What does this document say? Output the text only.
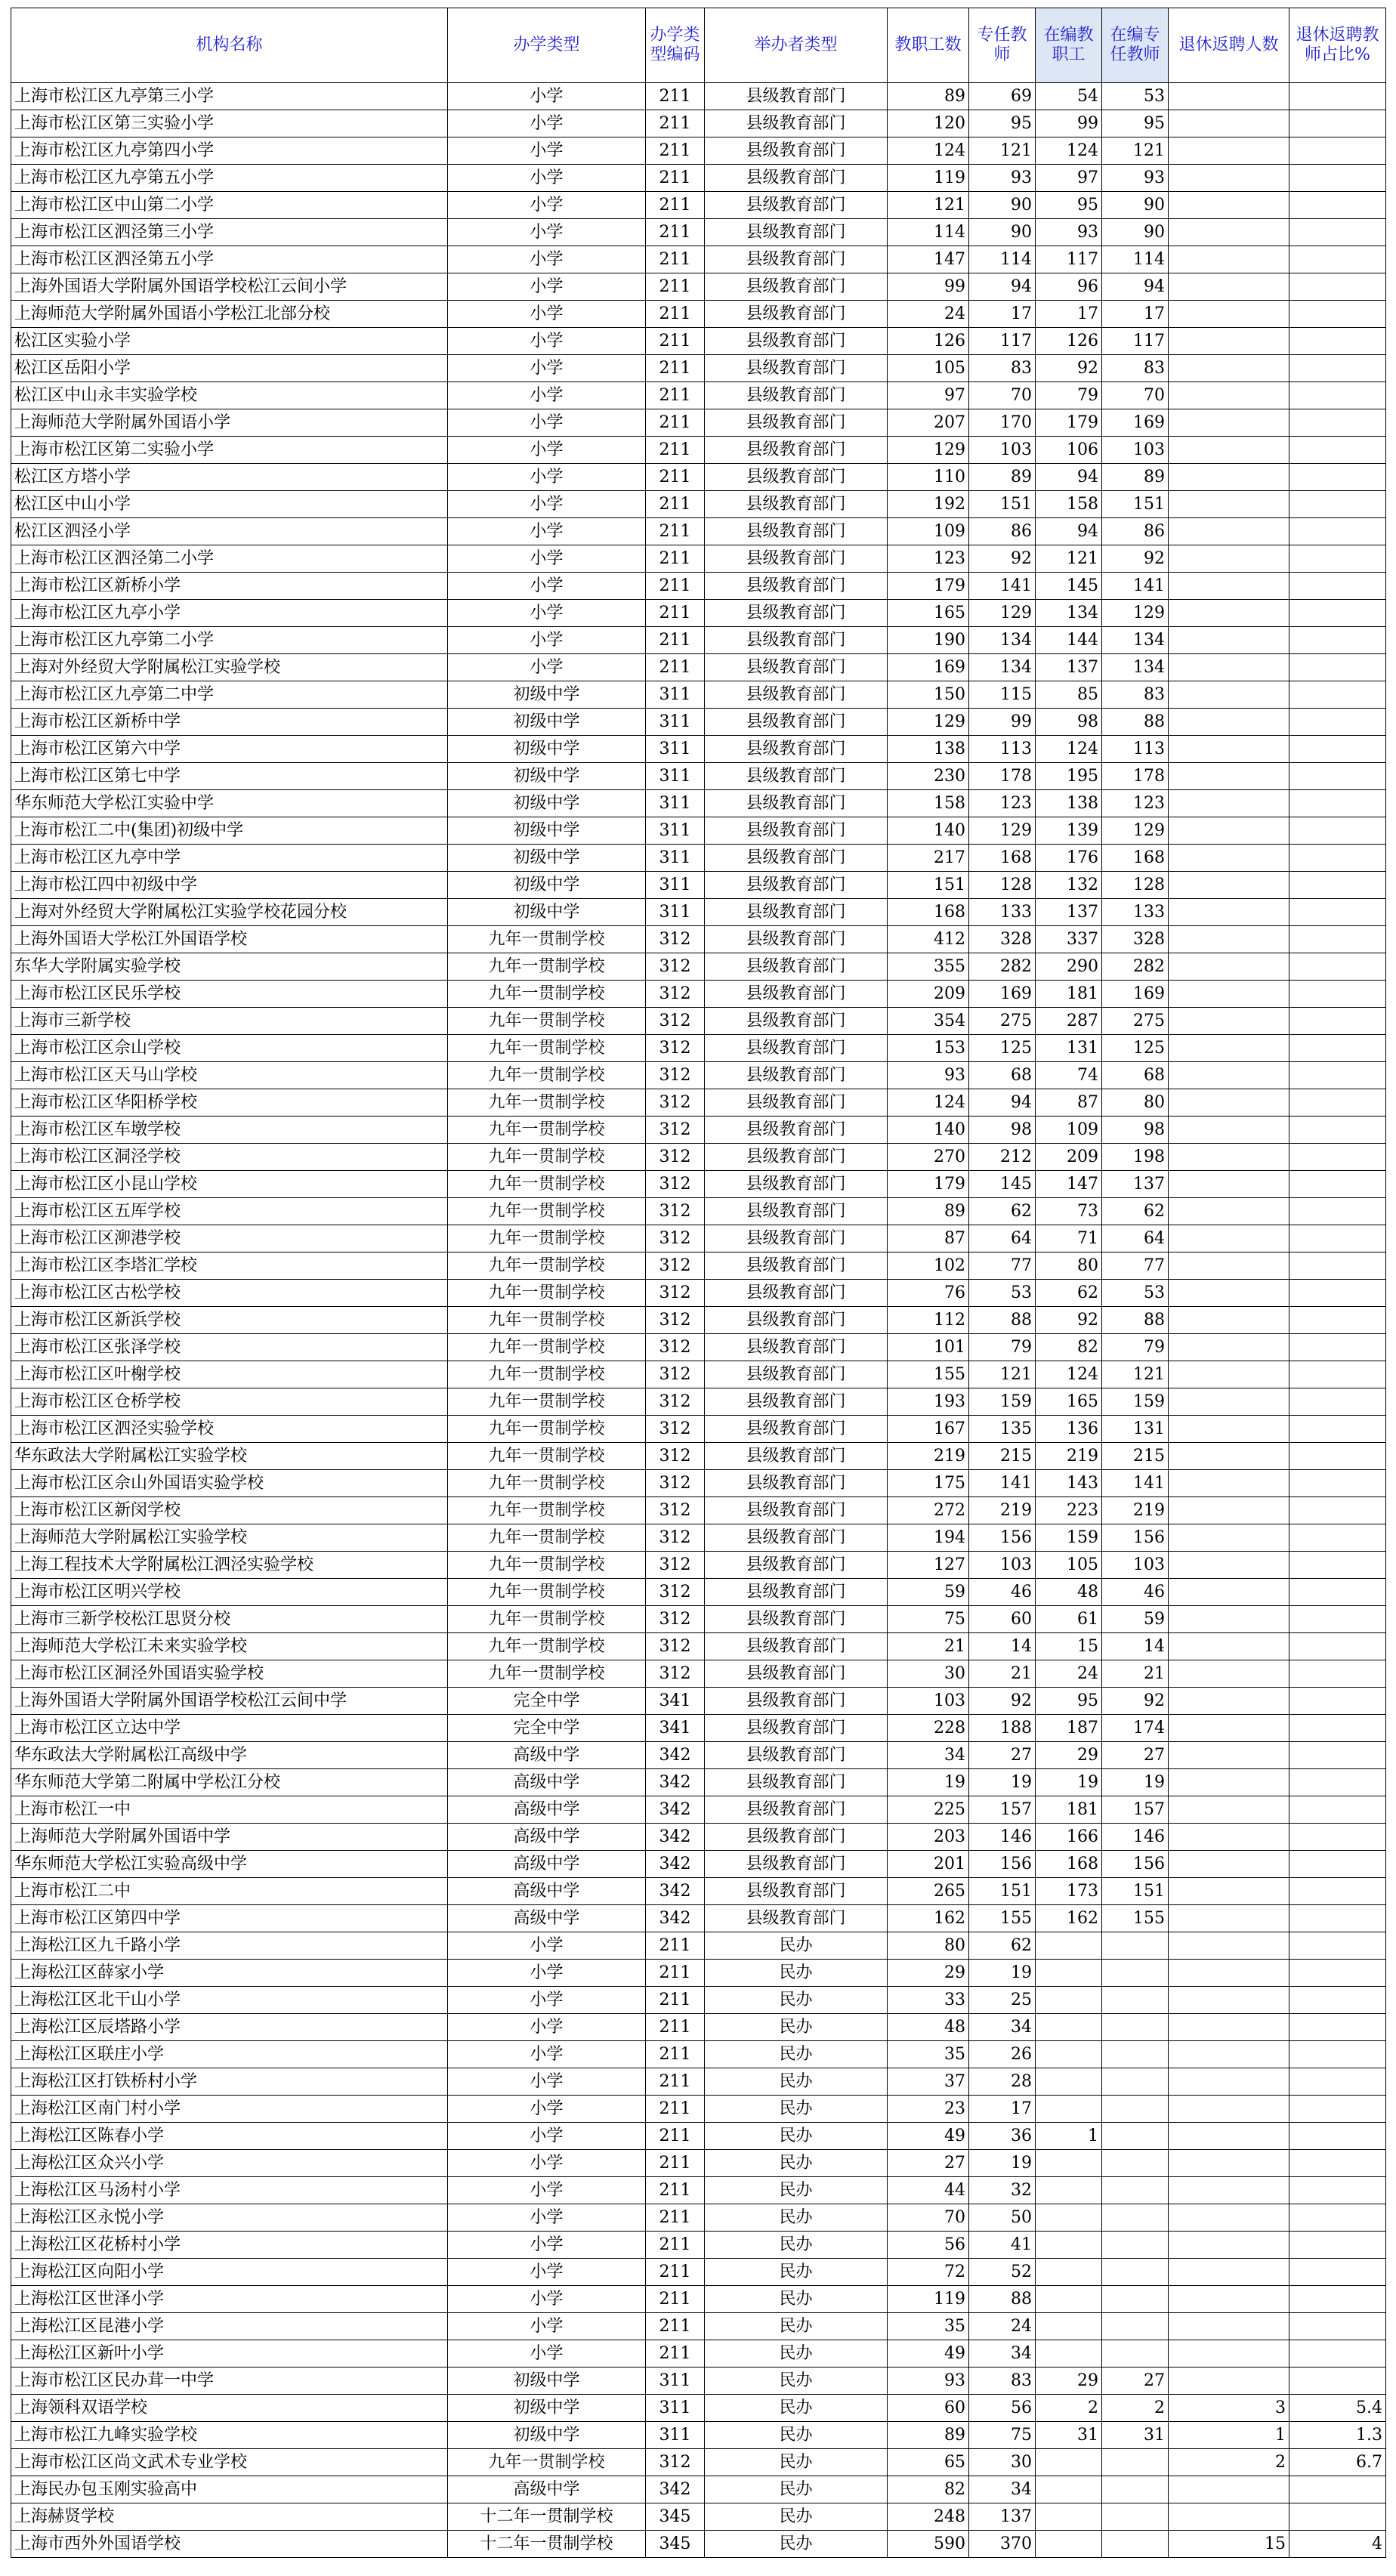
机构名称	办学类型	办学类型编码	举办者类型	教职工数	专任教师	在编教职工	在编专任教师	退休返聘人数	退休返聘教师占比%
上海市松江区九亭第三小学	小学	211	县级教育部门	89	69	54	53		
上海市松江区第三实验小学	小学	211	县级教育部门	120	95	99	95		
上海市松江区九亭第四小学	小学	211	县级教育部门	124	121	124	121		
上海市松江区九亭第五小学	小学	211	县级教育部门	119	93	97	93		
上海市松江区中山第二小学	小学	211	县级教育部门	121	90	95	90		
上海市松江区泗泾第三小学	小学	211	县级教育部门	114	90	93	90		
上海市松江区泗泾第五小学	小学	211	县级教育部门	147	114	117	114		
上海外国语大学附属外国语学校松江云间小学	小学	211	县级教育部门	99	94	96	94		
上海师范大学附属外国语小学松江北部分校	小学	211	县级教育部门	24	17	17	17		
松江区实验小学	小学	211	县级教育部门	126	117	126	117		
松江区岳阳小学	小学	211	县级教育部门	105	83	92	83		
松江区中山永丰实验学校	小学	211	县级教育部门	97	70	79	70		
上海师范大学附属外国语小学	小学	211	县级教育部门	207	170	179	169		
上海市松江区第二实验小学	小学	211	县级教育部门	129	103	106	103		
松江区方塔小学	小学	211	县级教育部门	110	89	94	89		
松江区中山小学	小学	211	县级教育部门	192	151	158	151		
松江区泗泾小学	小学	211	县级教育部门	109	86	94	86		
上海市松江区泗泾第二小学	小学	211	县级教育部门	123	92	121	92		
上海市松江区新桥小学	小学	211	县级教育部门	179	141	145	141		
上海市松江区九亭小学	小学	211	县级教育部门	165	129	134	129		
上海市松江区九亭第二小学	小学	211	县级教育部门	190	134	144	134		
上海对外经贸大学附属松江实验学校	小学	211	县级教育部门	169	134	137	134		
上海市松江区九亭第二中学	初级中学	311	县级教育部门	150	115	85	83		
上海市松江区新桥中学	初级中学	311	县级教育部门	129	99	98	88		
上海市松江区第六中学	初级中学	311	县级教育部门	138	113	124	113		
上海市松江区第七中学	初级中学	311	县级教育部门	230	178	195	178		
华东师范大学松江实验中学	初级中学	311	县级教育部门	158	123	138	123		
上海市松江二中(集团)初级中学	初级中学	311	县级教育部门	140	129	139	129		
上海市松江区九亭中学	初级中学	311	县级教育部门	217	168	176	168		
上海市松江四中初级中学	初级中学	311	县级教育部门	151	128	132	128		
上海对外经贸大学附属松江实验学校花园分校	初级中学	311	县级教育部门	168	133	137	133		
上海外国语大学松江外国语学校	九年一贯制学校	312	县级教育部门	412	328	337	328		
东华大学附属实验学校	九年一贯制学校	312	县级教育部门	355	282	290	282		
上海市松江区民乐学校	九年一贯制学校	312	县级教育部门	209	169	181	169		
上海市三新学校	九年一贯制学校	312	县级教育部门	354	275	287	275		
上海市松江区佘山学校	九年一贯制学校	312	县级教育部门	153	125	131	125		
上海市松江区天马山学校	九年一贯制学校	312	县级教育部门	93	68	74	68		
上海市松江区华阳桥学校	九年一贯制学校	312	县级教育部门	124	94	87	80		
上海市松江区车墩学校	九年一贯制学校	312	县级教育部门	140	98	109	98		
上海市松江区洞泾学校	九年一贯制学校	312	县级教育部门	270	212	209	198		
上海市松江区小昆山学校	九年一贯制学校	312	县级教育部门	179	145	147	137		
上海市松江区五厍学校	九年一贯制学校	312	县级教育部门	89	62	73	62		
上海市松江区泖港学校	九年一贯制学校	312	县级教育部门	87	64	71	64		
上海市松江区李塔汇学校	九年一贯制学校	312	县级教育部门	102	77	80	77		
上海市松江区古松学校	九年一贯制学校	312	县级教育部门	76	53	62	53		
上海市松江区新浜学校	九年一贯制学校	312	县级教育部门	112	88	92	88		
上海市松江区张泽学校	九年一贯制学校	312	县级教育部门	101	79	82	79		
上海市松江区叶榭学校	九年一贯制学校	312	县级教育部门	155	121	124	121		
上海市松江区仓桥学校	九年一贯制学校	312	县级教育部门	193	159	165	159		
上海市松江区泗泾实验学校	九年一贯制学校	312	县级教育部门	167	135	136	131		
华东政法大学附属松江实验学校	九年一贯制学校	312	县级教育部门	219	215	219	215		
上海市松江区佘山外国语实验学校	九年一贯制学校	312	县级教育部门	175	141	143	141		
上海市松江区新闵学校	九年一贯制学校	312	县级教育部门	272	219	223	219		
上海师范大学附属松江实验学校	九年一贯制学校	312	县级教育部门	194	156	159	156		
上海工程技术大学附属松江泗泾实验学校	九年一贯制学校	312	县级教育部门	127	103	105	103		
上海市松江区明兴学校	九年一贯制学校	312	县级教育部门	59	46	48	46		
上海市三新学校松江思贤分校	九年一贯制学校	312	县级教育部门	75	60	61	59		
上海师范大学松江未来实验学校	九年一贯制学校	312	县级教育部门	21	14	15	14		
上海市松江区洞泾外国语实验学校	九年一贯制学校	312	县级教育部门	30	21	24	21		
上海外国语大学附属外国语学校松江云间中学	完全中学	341	县级教育部门	103	92	95	92		
上海市松江区立达中学	完全中学	341	县级教育部门	228	188	187	174		
华东政法大学附属松江高级中学	高级中学	342	县级教育部门	34	27	29	27		
华东师范大学第二附属中学松江分校	高级中学	342	县级教育部门	19	19	19	19		
上海市松江一中	高级中学	342	县级教育部门	225	157	181	157		
上海师范大学附属外国语中学	高级中学	342	县级教育部门	203	146	166	146		
华东师范大学松江实验高级中学	高级中学	342	县级教育部门	201	156	168	156		
上海市松江二中	高级中学	342	县级教育部门	265	151	173	151		
上海市松江区第四中学	高级中学	342	县级教育部门	162	155	162	155		
上海松江区九千路小学	小学	211	民办	80	62				
上海松江区薛家小学	小学	211	民办	29	19				
上海松江区北干山小学	小学	211	民办	33	25				
上海松江区辰塔路小学	小学	211	民办	48	34				
上海松江区联庄小学	小学	211	民办	35	26				
上海松江区打铁桥村小学	小学	211	民办	37	28				
上海松江区南门村小学	小学	211	民办	23	17				
上海松江区陈春小学	小学	211	民办	49	36	1			
上海松江区众兴小学	小学	211	民办	27	19				
上海松江区马汤村小学	小学	211	民办	44	32				
上海松江区永悦小学	小学	211	民办	70	50				
上海松江区花桥村小学	小学	211	民办	56	41				
上海松江区向阳小学	小学	211	民办	72	52				
上海松江区世泽小学	小学	211	民办	119	88				
上海松江区昆港小学	小学	211	民办	35	24				
上海松江区新叶小学	小学	211	民办	49	34				
上海市松江区民办茸一中学	初级中学	311	民办	93	83	29	27		
上海领科双语学校	初级中学	311	民办	60	56	2	2	3	5.4
上海市松江九峰实验学校	初级中学	311	民办	89	75	31	31	1	1.3
上海市松江区尚文武术专业学校	九年一贯制学校	312	民办	65	30			2	6.7
上海民办包玉刚实验高中	高级中学	342	民办	82	34				
上海赫贤学校	十二年一贯制学校	345	民办	248	137				
上海市西外外国语学校	十二年一贯制学校	345	民办	590	370			15	4
